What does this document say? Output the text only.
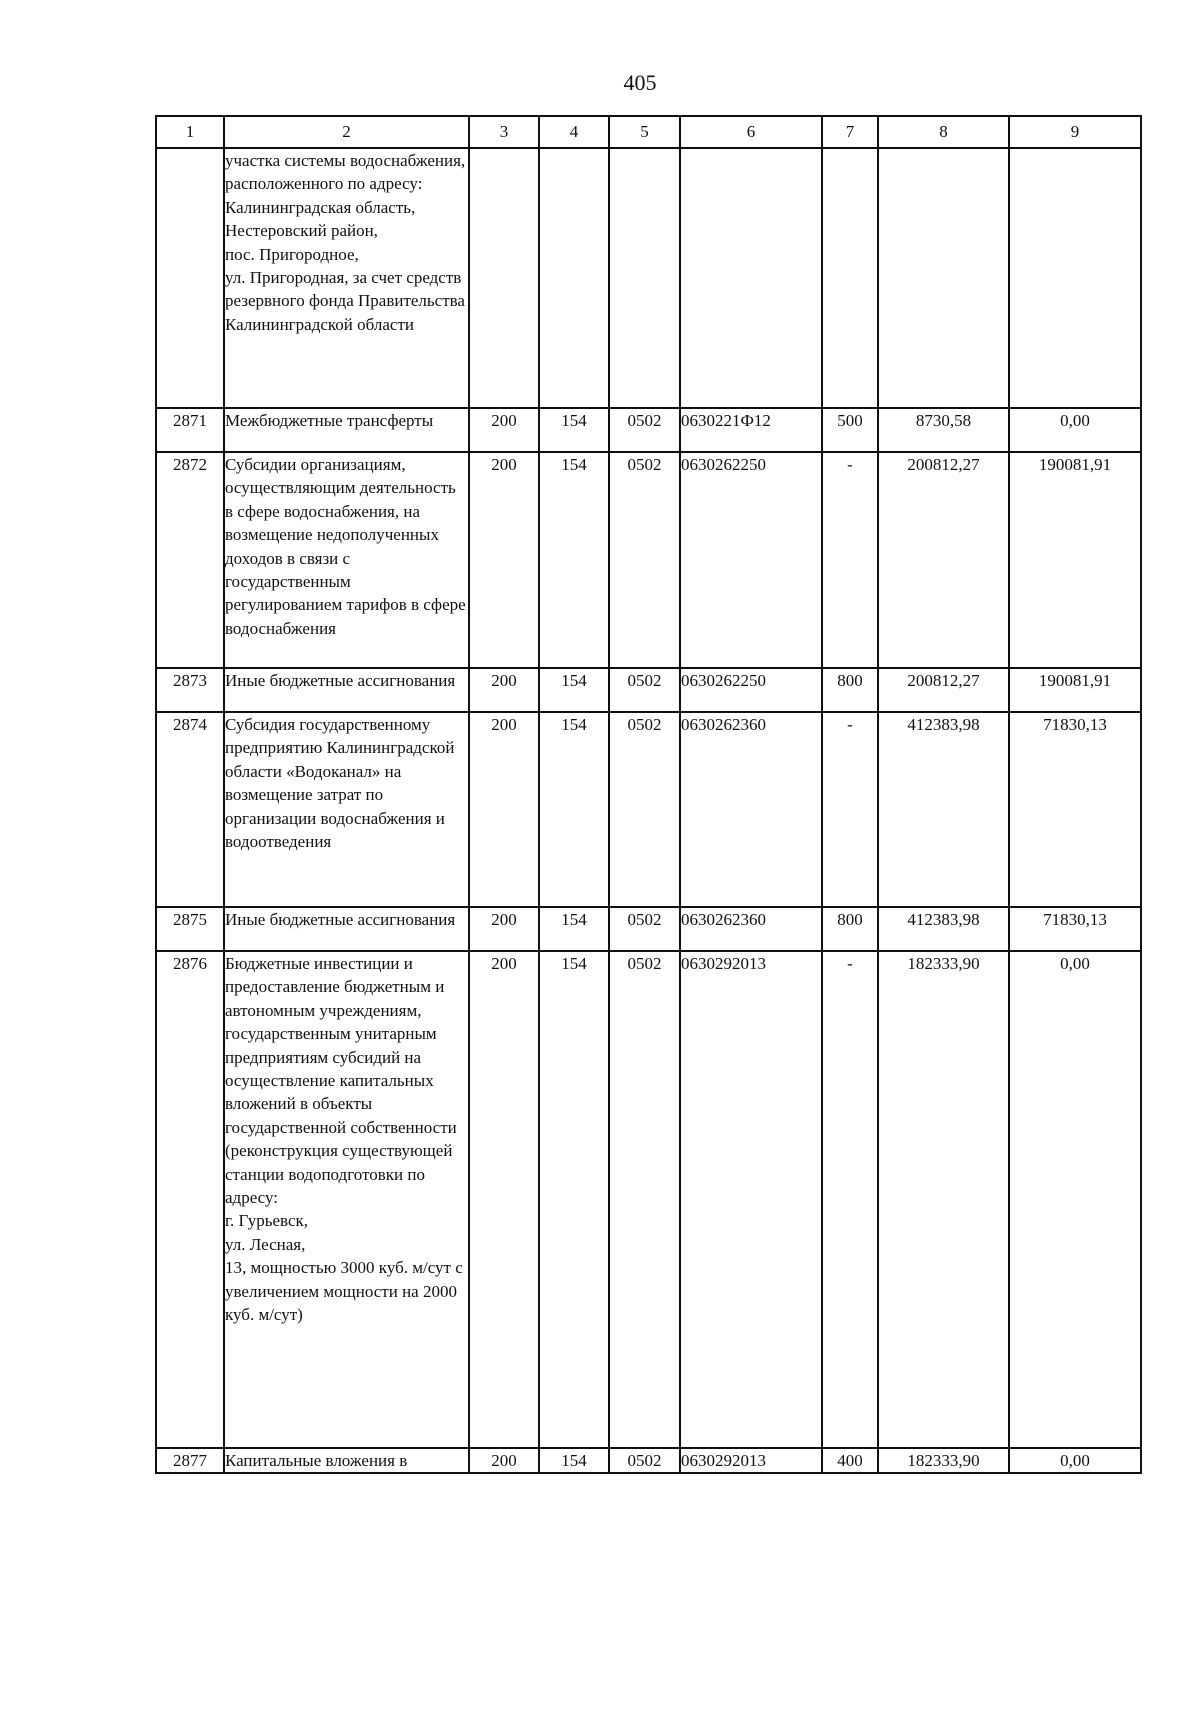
405
1	2	3	4	5	6	7	8	9
	участка системы водоснабжения, расположенного по адресу: Калининградская область, Нестеровский район,
пос. Пригородное,
ул. Пригородная, за счет средств резервного фонда Правительства Калининградской области							
2871	Межбюджетные трансферты	200	154	0502	0630221Ф12	500	8730,58	0,00
2872	Субсидии организациям, осуществляющим деятельность в сфере водоснабжения, на возмещение недополученных доходов в связи с государственным регулированием тарифов в сфере водоснабжения	200	154	0502	0630262250	-	200812,27	190081,91
2873	Иные бюджетные ассигнования	200	154	0502	0630262250	800	200812,27	190081,91
2874	Субсидия государственному предприятию Калининградской области «Водоканал» на возмещение затрат по организации водоснабжения и водоотведения	200	154	0502	0630262360	-	412383,98	71830,13
2875	Иные бюджетные ассигнования	200	154	0502	0630262360	800	412383,98	71830,13
2876	Бюджетные инвестиции и предоставление бюджетным и автономным учреждениям, государственным унитарным предприятиям субсидий на осуществление капитальных вложений в объекты государственной собственности (реконструкция существующей станции водоподготовки по адресу:
г. Гурьевск,
ул. Лесная,
13, мощностью 3000 куб. м/сут с увеличением мощности на 2000 куб. м/сут)	200	154	0502	0630292013	-	182333,90	0,00
2877	Капитальные вложения в	200	154	0502	0630292013	400	182333,90	0,00
